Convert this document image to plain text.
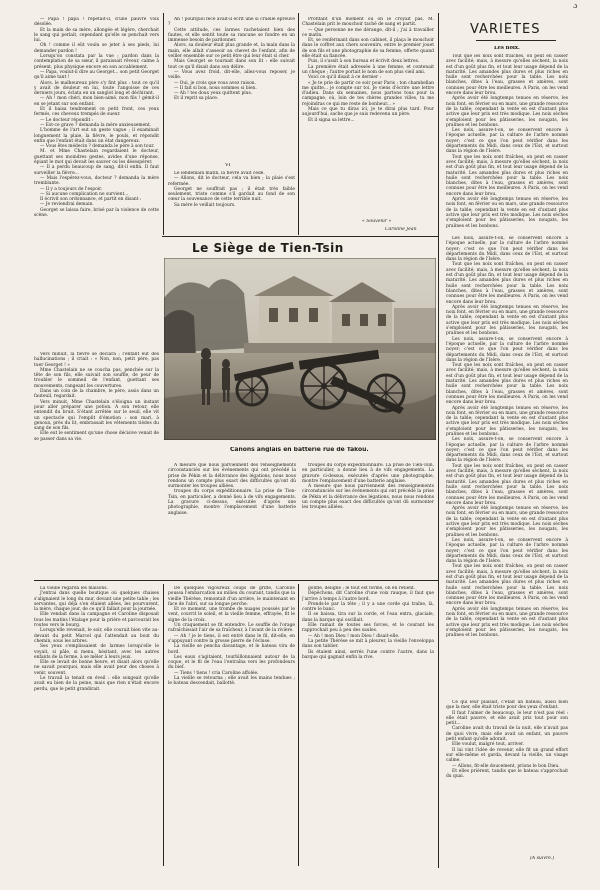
3

— Papa ! papa ! répétait-il, d'une pauvre voix désolée.

Et la main de sa mère, allongée et légère, cherchait le sang qui perlait, cependant qu'elle se penchait vers lui.

Oh ! comme il eût voulu se jeter à ses pieds, lui demander pardon !

Lorsqu'on constata par la vue ; pardon dans la contemplation de sa sœur, il paraissait rêveur, calme à présent, plus physique encore en son accablement.

— Papa, voulut-il dire au Georget... son petit Georget qu'il aime tant !

Alors, le malheureux père s'y fint plus : tout ce qu'il y avait de douleur en lui, toute l'angoisse de ces derniers jours, éclata en un sanglot long et déchirant.

— Ah ! mon chéri, mon bien-aimé, mon fils ! gémit-il en se jetant sur son enfant.

Et il baisa tendrement ce petit front, ces yeux fermés, ces cheveux trempés de sueur.

— Le docteur répondit :

— Est-ce grave ? demanda la mère anxieusement.

L'homme de l'art eut un geste vague ; il examinait longuement la plaie, la fièvre, le pouls, et répondit enfin que l'enfant était dans un état dangereux.

— Vous êtes médecin ? demanda le père à son tour.

M. et Mme Chastelain regardaient le docteur, guettant ses moindres gestes, avides d'une réponse, épiant le mot qui devait les sauver ou les désespérer.

— Il a perdu beaucoup de sang, dit-il enfin. Il faut surveiller la fièvre...

— Mais l'espérez-vous, docteur ? demanda la mère tremblante.

— Il y a toujours de l'espoir.

— Si aucune complication ne survient...

Il écrivit son ordonnance, et partit en disant :

— Je reviendrai demain.

Georget se laissa faire, brisé par la violence de cette scène.

Vers minuit, la fièvre se déclara ; l'enfant eut des hallucinations ; il criait : « Non, non, petit père, pas tuer Georget ! »

Mme Chastelain ne se coucha pas, penchée sur la tête de son fils, elle suivait son souffle, de peur de troubler le sommeil de l'enfant, guettant ses mouvements, rangeant les couvertures.

Dans un coin de la chambre, le père, assis dans un fauteuil, regardait.

Vers minuit, Mme Chastelain s'éloigna un instant pour aller préparer une potion. A son retour, elle entendit du bruit. S'étant arrêtée sur le seuil, elle vit un spectacle qui l'emplit d'émotion : son mari, à genoux, près du lit, embrassait les vêtements tièdes du sang de son fils.

Elle eut le sentiment qu'une chose décisive venait de se passer dans sa vie.

Ah ! pourquoi fèce avait-il écrit une si cruelle épreuve ?

Cette attitude, ces larmes rachetaient bien des fautes, et elle sentit toute sa rancune se fondre en un immense besoin de pardonner.

Alors, sa douleur était plus grande et, la main dans la main, elle allait s'asseoir au chevet de l'enfant, afin de veiller ensemble sur ce petit être qui leur était si cher.

Mais Georget se tournait dans son lit : elle suivait tout ce qu'il disait dans son délire.

— Vous avez froid, dit-elle, allez-vous reposer, je veille.

— Oui, je crois que vous avez raison.

— Il fait si bon, nous sommes si bien.

— Ah ! tes doux yeux quittent plus.

Et il reprit sa place.

VI

Le lendemain matin, la fièvre avait cédé.

— Allons, dit le docteur, cela va bien ; la plaie s'est refermée.

Georget ne souffrait pas ; il était très faible seulement, triste comme s'il gardait au fond de son cœur la souvenance de cette terrible nuit.

Sa mère le veillait toujours.

Profitant d'un moment où on le croyait pas, M. Chastelain prit le mouchoir taché de sang et partit.

— Que personne ne me dérange, dit-il ; j'ai à travailler ce matin.

Et, se renfermant dans son cabinet, il plaça le mouchoir dans le coffret aux chers souvenirs, entre le premier jouet de son fils et une photographie de sa femme, offerte quand elle était sa fiancée.

Puis, il s'assit à son bureau et écrivit deux lettres.

La première était adressée à une femme, et contenait un chèque ; l'autre portait le nom de son plus vieil ami.

Voici ce qu'il disait à ce dernier :

« Je te prie de partir ce soir pour Paris ; ton chambellan me quitte... je compte sur toi. Je viens d'écrire une lettre d'adieu. Dans six semaines, nous partons tous pour la campagne, où, loin de tes chères grandes villes, tu me rejoindras ce qui me reste de bonheur... »

Mais ce que tu diras ici, je te dirai plus tard. Pour aujourd'hui, sache que je suis redevenu un père.

Et il signa sa lettre...

« Souvenir »
Caroline Jean
VARIÉTÉS
Les noix.

Tout que les noix sont fraîches, on peut en casser avec facilité; mais, à mesure qu'elles sèchent, la noix est d'un goût plus fin, et tout leur usage dépend de la maturité. Les amandes plus dures et plus riches en huile sont recherchées pour la table. Les noix blanches, dites à l'eau, grasses et amères, sont connues pour être les meilleures. A Paris, on les vend encore dans leur brou.

Après avoir été longtemps tenues en réserve, les noix font, en février ou en mars, une grande ressource de la table; cependant la vente en est d'autant plus active que leur prix est très modique. Les noix sèches s'emploient pour les pâtisseries, les nougats, les pralines et les bonbons.

Les noix, assure-t-on, se conservent encore à l'époque actuelle, par la culture de l'arbre nommé noyer; c'est ce que l'on peut vérifier dans les départements du Midi, dans ceux de l'Est, et surtout dans la région de l'Isère.

Tout que les noix sont fraîches, on peut en casser avec facilité; mais, à mesure qu'elles sèchent, la noix est d'un goût plus fin, et tout leur usage dépend de la maturité. Les amandes plus dures et plus riches en huile sont recherchées pour la table. Les noix blanches, dites à l'eau, grasses et amères, sont connues pour être les meilleures. A Paris, on les vend encore dans leur brou.

Après avoir été longtemps tenues en réserve, les noix font, en février ou en mars, une grande ressource de la table; cependant la vente en est d'autant plus active que leur prix est très modique. Les noix sèches s'emploient pour les pâtisseries, les nougats, les pralines et les bonbons.

Les noix, assure-t-on, se conservent encore à l'époque actuelle, par la culture de l'arbre nommé noyer; c'est ce que l'on peut vérifier dans les départements du Midi, dans ceux de l'Est, et surtout dans la région de l'Isère.

Tout que les noix sont fraîches, on peut en casser avec facilité; mais, à mesure qu'elles sèchent, la noix est d'un goût plus fin, et tout leur usage dépend de la maturité. Les amandes plus dures et plus riches en huile sont recherchées pour la table. Les noix blanches, dites à l'eau, grasses et amères, sont connues pour être les meilleures. A Paris, on les vend encore dans leur brou.

Après avoir été longtemps tenues en réserve, les noix font, en février ou en mars, une grande ressource de la table; cependant la vente en est d'autant plus active que leur prix est très modique. Les noix sèches s'emploient pour les pâtisseries, les nougats, les pralines et les bonbons.

Les noix, assure-t-on, se conservent encore à l'époque actuelle, par la culture de l'arbre nommé noyer; c'est ce que l'on peut vérifier dans les départements du Midi, dans ceux de l'Est, et surtout dans la région de l'Isère.

Tout que les noix sont fraîches, on peut en casser avec facilité; mais, à mesure qu'elles sèchent, la noix est d'un goût plus fin, et tout leur usage dépend de la maturité. Les amandes plus dures et plus riches en huile sont recherchées pour la table. Les noix blanches, dites à l'eau, grasses et amères, sont connues pour être les meilleures. A Paris, on les vend encore dans leur brou.

Après avoir été longtemps tenues en réserve, les noix font, en février ou en mars, une grande ressource de la table; cependant la vente en est d'autant plus active que leur prix est très modique. Les noix sèches s'emploient pour les pâtisseries, les nougats, les pralines et les bonbons.

Les noix, assure-t-on, se conservent encore à l'époque actuelle, par la culture de l'arbre nommé noyer; c'est ce que l'on peut vérifier dans les départements du Midi, dans ceux de l'Est, et surtout dans la région de l'Isère.

Tout que les noix sont fraîches, on peut en casser avec facilité; mais, à mesure qu'elles sèchent, la noix est d'un goût plus fin, et tout leur usage dépend de la maturité. Les amandes plus dures et plus riches en huile sont recherchées pour la table. Les noix blanches, dites à l'eau, grasses et amères, sont connues pour être les meilleures. A Paris, on les vend encore dans leur brou.

Après avoir été longtemps tenues en réserve, les noix font, en février ou en mars, une grande ressource de la table; cependant la vente en est d'autant plus active que leur prix est très modique. Les noix sèches s'emploient pour les pâtisseries, les nougats, les pralines et les bonbons.

Les noix, assure-t-on, se conservent encore à l'époque actuelle, par la culture de l'arbre nommé noyer; c'est ce que l'on peut vérifier dans les départements du Midi, dans ceux de l'Est, et surtout dans la région de l'Isère.

Tout que les noix sont fraîches, on peut en casser avec facilité; mais, à mesure qu'elles sèchent, la noix est d'un goût plus fin, et tout leur usage dépend de la maturité. Les amandes plus dures et plus riches en huile sont recherchées pour la table. Les noix blanches, dites à l'eau, grasses et amères, sont connues pour être les meilleures. A Paris, on les vend encore dans leur brou.

Après avoir été longtemps tenues en réserve, les noix font, en février ou en mars, une grande ressource de la table; cependant la vente en est d'autant plus active que leur prix est très modique. Les noix sèches s'emploient pour les pâtisseries, les nougats, les pralines et les bonbons.

Le Siège de Tien-Tsin
Canons anglais en batterie rue de Takou.

A mesure que nous parviennent des renseignements circonstanciés sur les événements qui ont précédé la prise de Pékin et la délivrance des légations, nous nous rendons un compte plus exact des difficultés qu'ont dû surmonter les troupes alliées.

troupes du corps expéditionnaire. La prise de Tien-Tsin, en particulier, a donné lieu à de vifs engagements. La gravure ci-dessus, exécutée d'après une photographie, montre l'emplacement d'une batterie anglaise.

troupes du corps expéditionnaire. La prise de Tien-Tsin, en particulier, a donné lieu à de vifs engagements. La gravure ci-dessus, exécutée d'après une photographie, montre l'emplacement d'une batterie anglaise.

A mesure que nous parviennent des renseignements circonstanciés sur les événements qui ont précédé la prise de Pékin et la délivrance des légations, nous nous rendons un compte plus exact des difficultés qu'ont dû surmonter les troupes alliées.

La vieille regarda les maisons.

J'entrai dans quelle boutique où quelques chaises s'alignaient le long du mur, devant une petite table ; les servantes, qui déjà s'en étaient allées, les pourvurent, la mère, chaque jour, de ce qu'il fallait pour la journée.

Elle vendait dans la campagne et Caroline disposait tous les matins l'étalage pour la prière et parcourait les routes vers le bourg.

Lorsqu'elle revenait, le soir, elle courait bien vite au-devant du petit Marcel qui l'attendait au bout du chemin, sous les arbres.

Ses yeux s'emplissaient de larmes lorsqu'elle le voyait, si pâle, si menu, hésitant, avec les autres enfants de la ferme, à se mêler à leurs jeux.

Elle se levait de bonne heure, et disait alors qu'elle ne savait pourquoi, mais elle avait peur des choses à venir, souvent.

Le travail la tenait en éveil : elle songeait qu'elle avait eu bien de la peine, mais que rien n'était encore perdu, que le petit grandirait.

De quelques vigoureux coups de griffe, Caroline poussa l'embarcation au milieu du courant, tandis que la vieille Thérèse, remontait d'un arrière, le maintenant en face de l'abri, sur sa longue perche.

Et ce moment, une trombe de nuages poussés par le vent, couvrit le soleil, et la vieille femme, effrayée, fit le signe de la croix.

Un craquement se fit entendre. Le souffle de l'orage rafraîchissait l'air de sa fraîcheur, à l'avant de la rivière.

— Ah ! je le tiens, il est entré dans le fil, dit-elle, en s'appuyant contre la grosse pierre de l'écluse.

La vieille se pencha davantage, et le bateau vira de bord.

Les eaux s'agitaient, tourbillonnaient autour de la coque, et le fil de l'eau l'entraîna vers les profondeurs du bief.

— Tiens ! tiens ! cria Caroline affolée.

La vieille se retourna ; elle avait les mains tendues ; le bateau descendait, ballotté.

gonflé, déligné ; le tout est formé, on en retient.

Dépêchons, dit Caroline d'une voix rauque, il faut que j'arrive à temps à l'autre bord.

Prends-le par la tête ; il y a une corde qui traîne, là, contre le banc.

Il se baissa, tira sur la corde, et l'eau entra, glaciale, dans la barque qui oscillait.

Elle ramait de toutes ses forces, et le courant les rapprochait peu à peu des saules.

— Ah ! mon Dieu ! mon Dieu ! disait-elle.

La petite Thérèse se mit à pleurer, la vieille l'enveloppa dans son tablier.

Ils étaient ainsi, serrés l'une contre l'autre, dans la barque qui gagnait enfin la rive.

Ce qui leur plaisait, c'était un bateau, aussi bien que la mer, elle était triste pour des yeux d'enfant.

Il faut l'aimer de beaucoup, le leur n'est pas réel : elle était pauvre, et elle avait pris tout pour son petit...

Caroline avait du travail de la nuit, elle n'avait pas de quoi vivre, mais elle avait un enfant, un pauvre petit enfant qu'elle adorait.

Elle voulut, malgré tout, arriver.

Il lui vint l'idée de revenir, elle fit un grand effort sur elle-même et garda, devant la vieille, un visage calme.

— Allons, fit-elle doucement, prions le bon Dieu.

Et elles prièrent, tandis que le bateau s'approchait du quai.

(A suivre.)
